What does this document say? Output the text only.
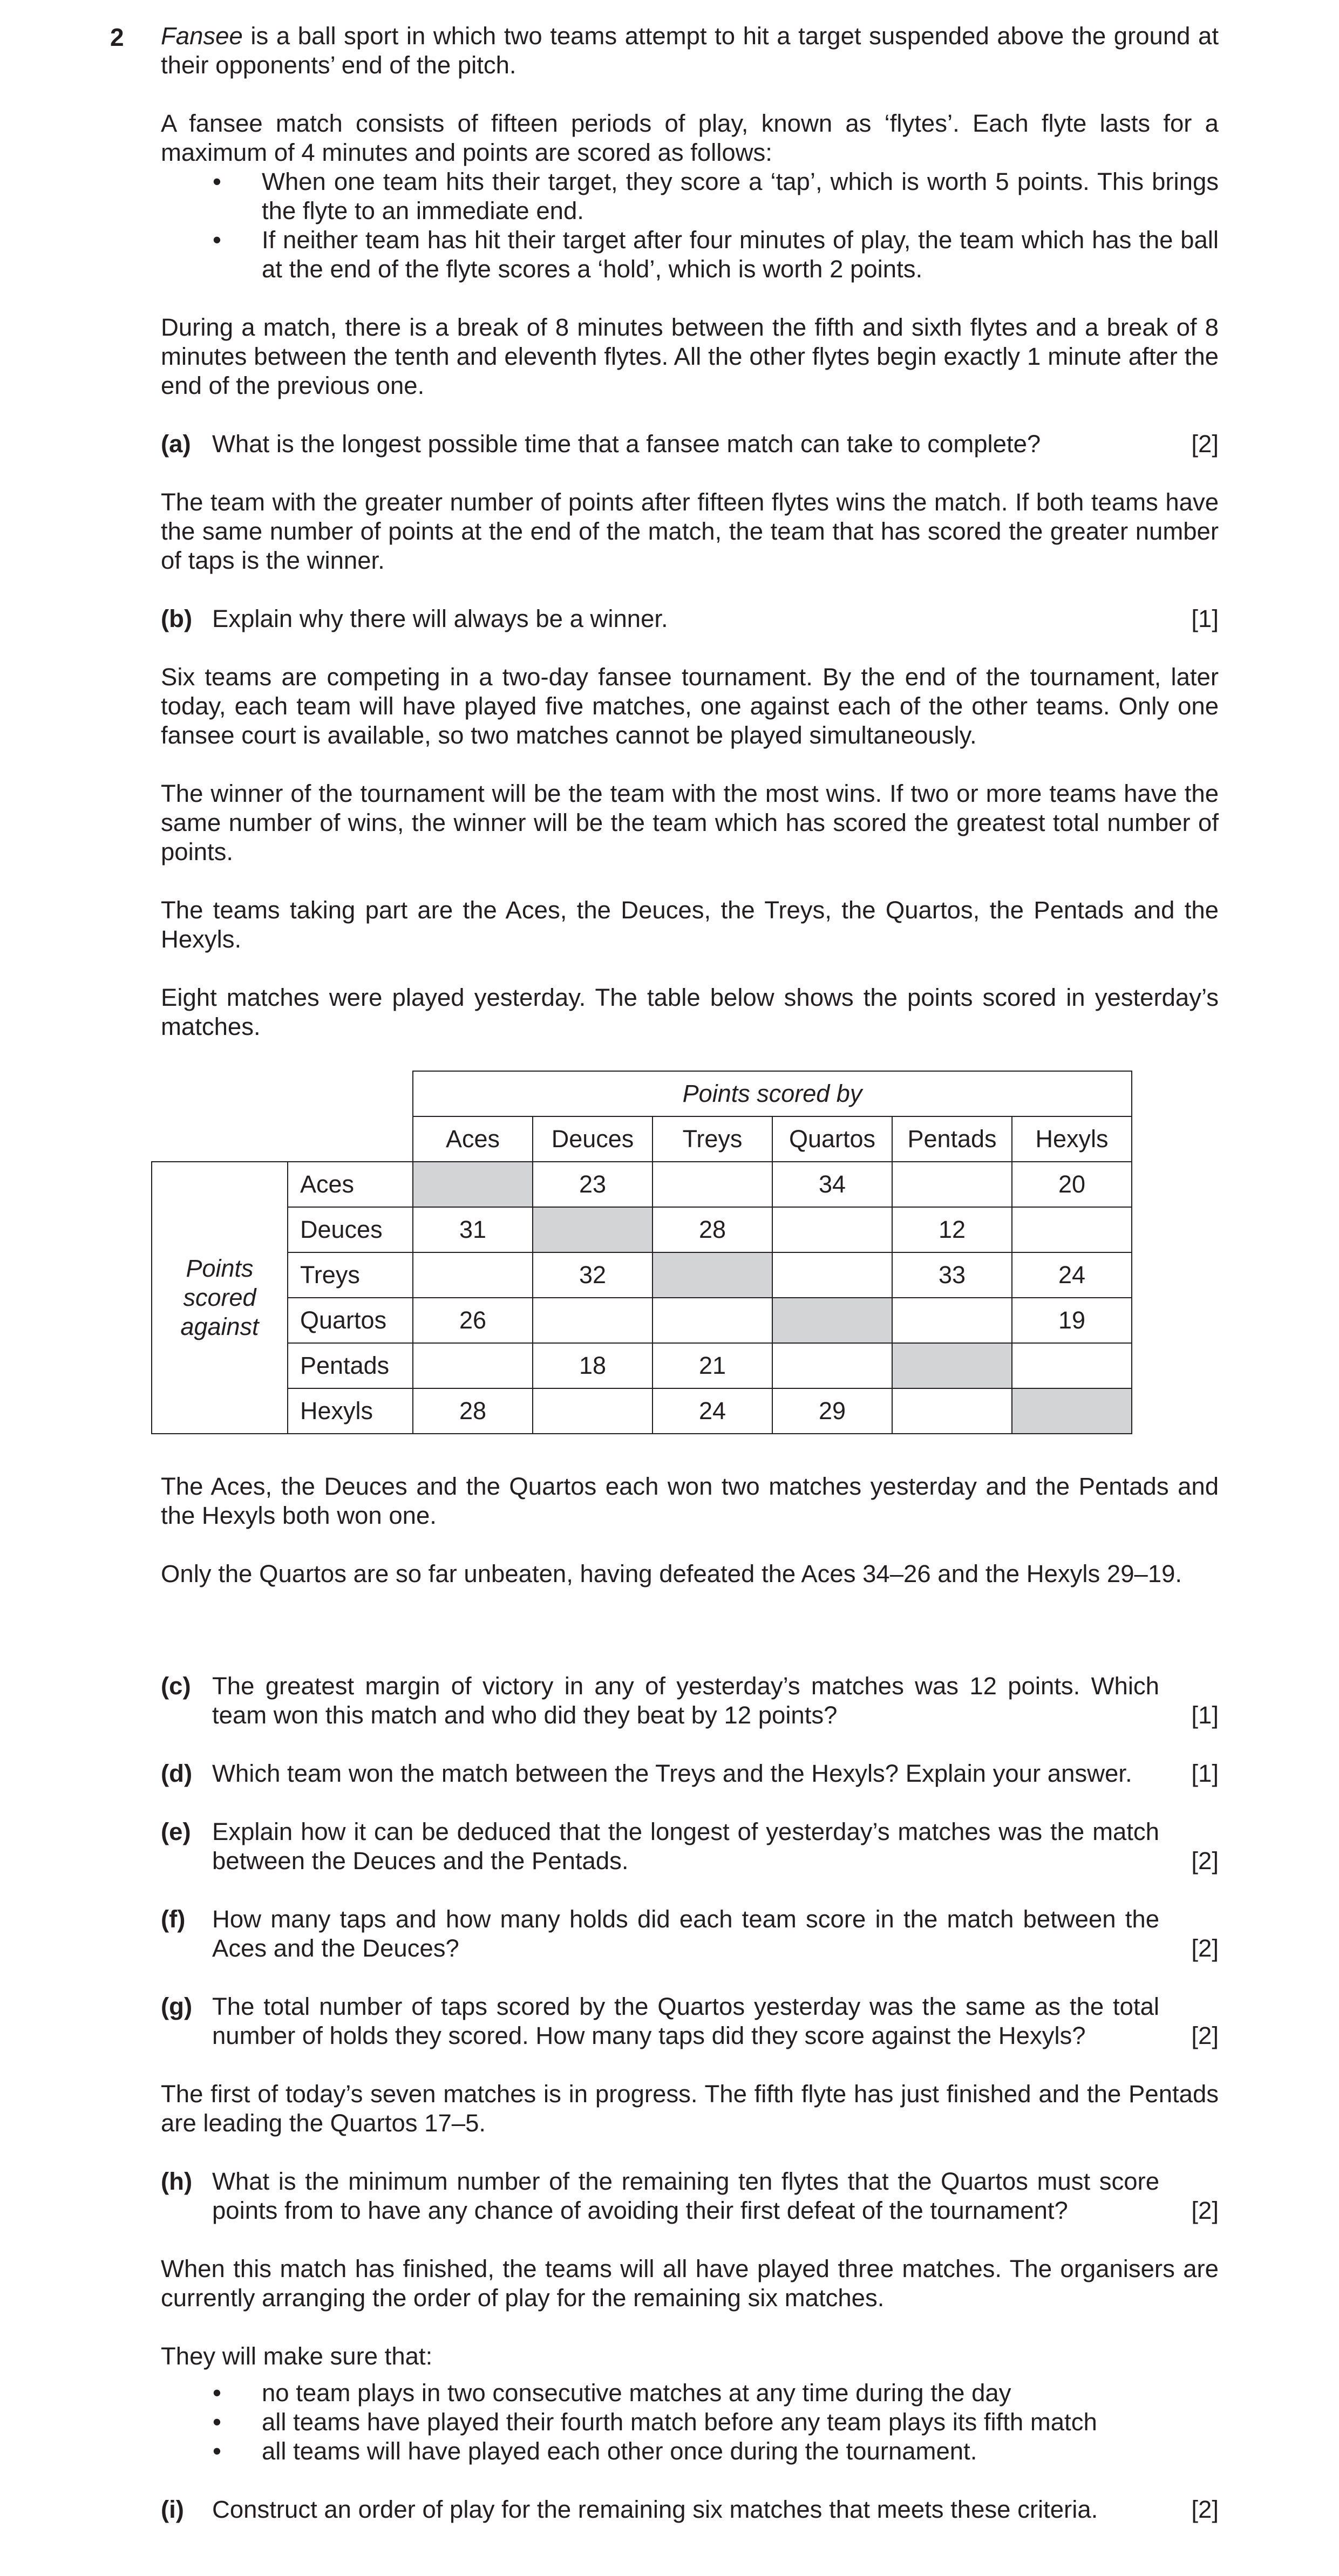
2 Fansee is a ball sport in which two teams attempt to hit a target suspended above the ground at their opponents’ end of the pitch.

A fansee match consists of fifteen periods of play, known as ‘flytes’. Each flyte lasts for a maximum of 4 minutes and points are scored as follows:

• When one team hits their target, they score a ‘tap’, which is worth 5 points. This brings the flyte to an immediate end.
• If neither team has hit their target after four minutes of play, the team which has the ball at the end of the flyte scores a ‘hold’, which is worth 2 points.

During a match, there is a break of 8 minutes between the fifth and sixth flytes and a break of 8 minutes between the tenth and eleventh flytes. All the other flytes begin exactly 1 minute after the end of the previous one.

(a) What is the longest possible time that a fansee match can take to complete?	[2]

The team with the greater number of points after fifteen flytes wins the match. If both teams have the same number of points at the end of the match, the team that has scored the greater number of taps is the winner.

(b) Explain why there will always be a winner.	[1]

Six teams are competing in a two-day fansee tournament. By the end of the tournament, later today, each team will have played five matches, one against each of the other teams. Only one fansee court is available, so two matches cannot be played simultaneously.

The winner of the tournament will be the team with the most wins. If two or more teams have the same number of wins, the winner will be the team which has scored the greatest total number of points.

The teams taking part are the Aces, the Deuces, the Treys, the Quartos, the Pentads and the Hexyls.

Eight matches were played yesterday. The table below shows the points scored in yesterday’s matches.

		Points scored by					
		Aces	Deuces	Treys	Quartos	Pentads	Hexyls
Points
scored
against	Aces		23		34		20
	Deuces	31		28		12	
	Treys		32			33	24
	Quartos	26					19
	Pentads		18	21			
	Hexyls	28		24	29		

The Aces, the Deuces and the Quartos each won two matches yesterday and the Pentads and the Hexyls both won one.

Only the Quartos are so far unbeaten, having defeated the Aces 34–26 and the Hexyls 29–19.

(c) The greatest margin of victory in any of yesterday’s matches was 12 points. Which team won this match and who did they beat by 12 points?	[1]
(d) Which team won the match between the Treys and the Hexyls? Explain your answer. [1]
(e) Explain how it can be deduced that the longest of yesterday’s matches was the match between the Deuces and the Pentads.	[2]
(f) How many taps and how many holds did each team score in the match between the Aces and the Deuces?	[2]
(g) The total number of taps scored by the Quartos yesterday was the same as the total number of holds they scored. How many taps did they score against the Hexyls?	[2]

The first of today’s seven matches is in progress. The fifth flyte has just finished and the Pentads are leading the Quartos 17–5.

(h) What is the minimum number of the remaining ten flytes that the Quartos must score points from to have any chance of avoiding their first defeat of the tournament?	[2]

When this match has finished, the teams will all have played three matches. The organisers are currently arranging the order of play for the remaining six matches.

They will make sure that:

• no team plays in two consecutive matches at any time during the day
• all teams have played their fourth match before any team plays its fifth match
• all teams will have played each other once during the tournament.
(i) Construct an order of play for the remaining six matches that meets these criteria.	[2]
